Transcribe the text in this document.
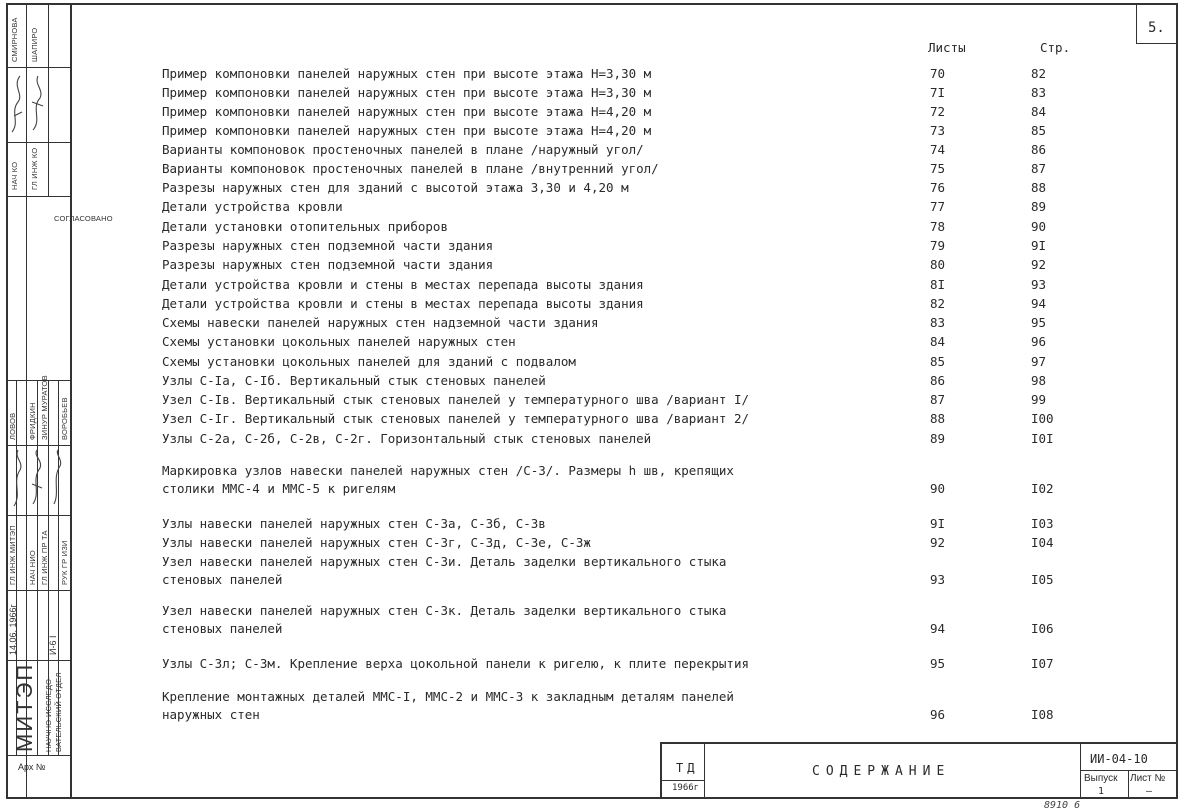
СМИРНОВА ШАПИРО
НАЧ КО ГЛ ИНЖ КО
СОГЛАСОВАНО
ЛОВОВ ФРИДКИН ЗИНУР МУРАТОВ ВОРОБЬЕВ
ГЛ ИНЖ МИТЭП НАЧ НИО ГЛ ИНЖ ПР ТА РУК ГР ИЗИ
14.06. 1966г	И-6 I
МИТЭП НАУЧНО-ИССЛЕДО-
ВАТЕЛЬСКИЙ ОТДЕЛ
Арх №
5.
Листы	Стр.
Пример компоновки панелей наружных стен при высоте этажа Н=3,30 м	70	82
Пример компоновки панелей наружных стен при высоте этажа Н=3,30 м	7I	83
Пример компоновки панелей наружных стен при высоте этажа Н=4,20 м	72	84
Пример компоновки панелей наружных стен при высоте этажа Н=4,20 м	73	85
Варианты компоновок простеночных панелей в плане /наружный угол/	74	86
Варианты компоновок простеночных панелей в плане /внутренний угол/	75	87
Разрезы наружных стен для зданий с высотой этажа 3,30 и 4,20 м	76	88
Детали устройства кровли	77	89
Детали установки отопительных приборов	78	90
Разрезы наружных стен подземной части здания	79	9I
Разрезы наружных стен подземной части здания	80	92
Детали устройства кровли и стены в местах перепада высоты здания	8I	93
Детали устройства кровли и стены в местах перепада высоты здания	82	94
Схемы навески панелей наружных стен надземной части здания	83	95
Схемы установки цокольных панелей наружных стен	84	96
Схемы установки цокольных панелей для зданий с подвалом	85	97
Узлы С-Iа, С-Iб. Вертикальный стык стеновых панелей	86	98
Узел С-Iв. Вертикальный стык стеновых панелей у температурного шва /вариант I/	87	99
Узел С-Iг. Вертикальный стык стеновых панелей у температурного шва /вариант 2/	88	I00
Узлы С-2а, С-2б, С-2в, С-2г. Горизонтальный стык стеновых панелей	89	I0I
Маркировка узлов навески панелей наружных стен /С-3/. Размеры h шв, крепящих
столики ММС-4 и ММС-5 к ригелям	90	I02
Узлы навески панелей наружных стен С-3а, С-3б, С-3в	9I	I03
Узлы навески панелей наружных стен С-3г, С-3д, С-3е, С-3ж	92	I04
Узел навески панелей наружных стен С-3и. Деталь заделки вертикального стыка
стеновых панелей	93	I05
Узел навески панелей наружных стен С-3к. Деталь заделки вертикального стыка
стеновых панелей	94	I06
Узлы С-3л; С-3м. Крепление верха цокольной панели к ригелю, к плите перекрытия	95	I07
Крепление монтажных деталей ММС-I, ММС-2 и ММС-3 к закладным деталям панелей
наружных стен	96	I08
ИИ-04-10
СОДЕРЖАНИЕ
ТД
1966г
Выпуск Лист №
1	—
8910 6
